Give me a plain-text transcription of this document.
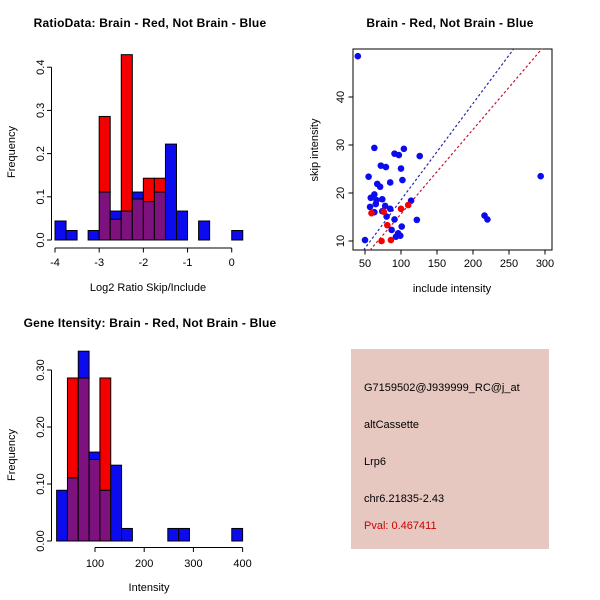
RatioData: Brain - Red, Not Brain - Blue
Frequency
Log2 Ratio Skip/Include
-4	-3	-2	-1	0
0.0
0.1
0.2
0.3
0.4
Brain - Red, Not Brain - Blue
skip intensity
include intensity
50 100 150 200 250 300
10
20
30
40
Gene Itensity: Brain - Red, Not Brain - Blue
Frequency
Intensity
100	200	300	400
0.00
0.10
0.20
0.30
G7159502@J939999_RC@j_at
altCassette
Lrp6
chr6.21835-2.43
Pval: 0.467411
